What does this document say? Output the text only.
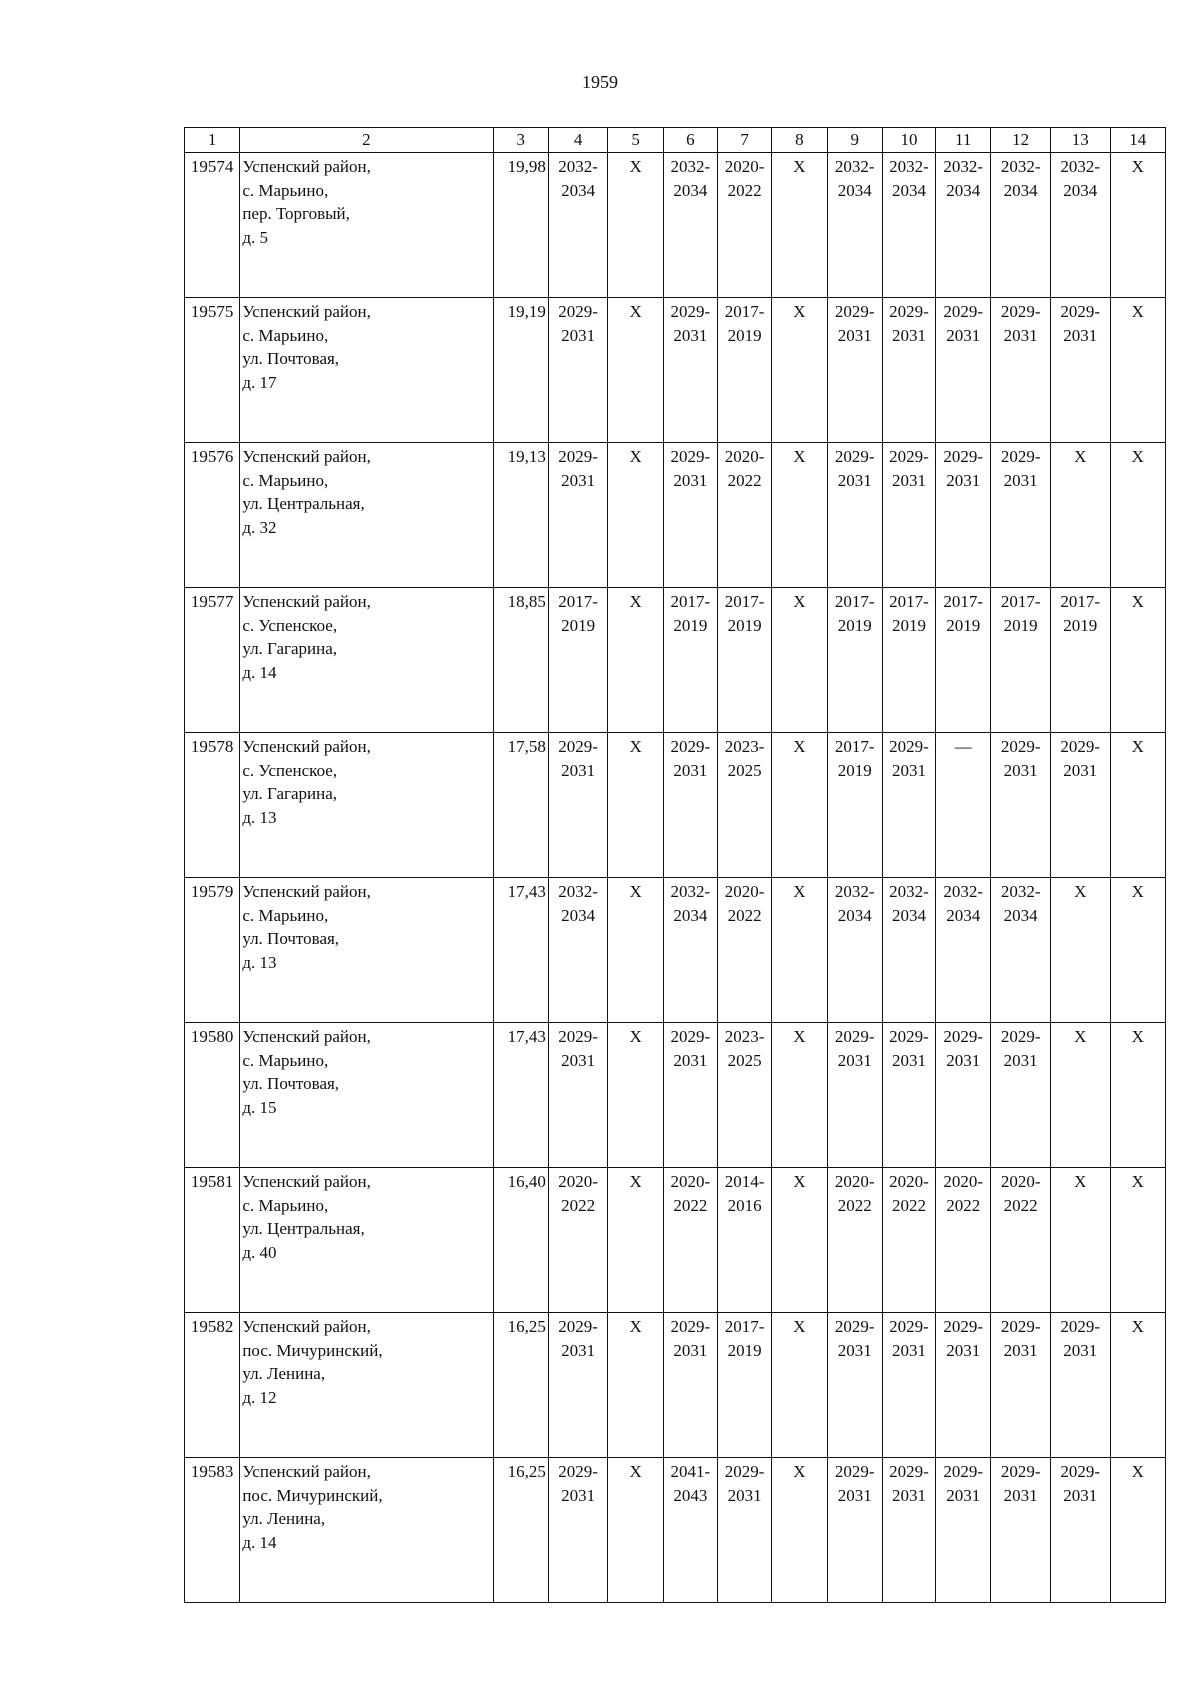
1959
1	2	3	4	5	6	7	8	9	10	11	12	13	14
19574	Успенский район,
с. Марьино,
пер. Торговый,
д. 5	19,98	2032-
2034	X	2032-
2034	2020-
2022	X	2032-
2034	2032-
2034	2032-
2034	2032-
2034	2032-
2034	X

19575	Успенский район,
с. Марьино,
ул. Почтовая,
д. 17	19,19	2029-
2031	X	2029-
2031	2017-
2019	X	2029-
2031	2029-
2031	2029-
2031	2029-
2031	2029-
2031	X

19576	Успенский район,
с. Марьино,
ул. Центральная,
д. 32	19,13	2029-
2031	X	2029-
2031	2020-
2022	X	2029-
2031	2029-
2031	2029-
2031	2029-
2031	X	X

19577	Успенский район,
с. Успенское,
ул. Гагарина,
д. 14	18,85	2017-
2019	X	2017-
2019	2017-
2019	X	2017-
2019	2017-
2019	2017-
2019	2017-
2019	2017-
2019	X

19578	Успенский район,
с. Успенское,
ул. Гагарина,
д. 13	17,58	2029-
2031	X	2029-
2031	2023-
2025	X	2017-
2019	2029-
2031	—	2029-
2031	2029-
2031	X

19579	Успенский район,
с. Марьино,
ул. Почтовая,
д. 13	17,43	2032-
2034	X	2032-
2034	2020-
2022	X	2032-
2034	2032-
2034	2032-
2034	2032-
2034	X	X

19580	Успенский район,
с. Марьино,
ул. Почтовая,
д. 15	17,43	2029-
2031	X	2029-
2031	2023-
2025	X	2029-
2031	2029-
2031	2029-
2031	2029-
2031	X	X

19581	Успенский район,
с. Марьино,
ул. Центральная,
д. 40	16,40	2020-
2022	X	2020-
2022	2014-
2016	X	2020-
2022	2020-
2022	2020-
2022	2020-
2022	X	X

19582	Успенский район,
пос. Мичуринский,
ул. Ленина,
д. 12	16,25	2029-
2031	X	2029-
2031	2017-
2019	X	2029-
2031	2029-
2031	2029-
2031	2029-
2031	2029-
2031	X

19583	Успенский район,
пос. Мичуринский,
ул. Ленина,
д. 14	16,25	2029-
2031	X	2041-
2043	2029-
2031	X	2029-
2031	2029-
2031	2029-
2031	2029-
2031	2029-
2031	X
